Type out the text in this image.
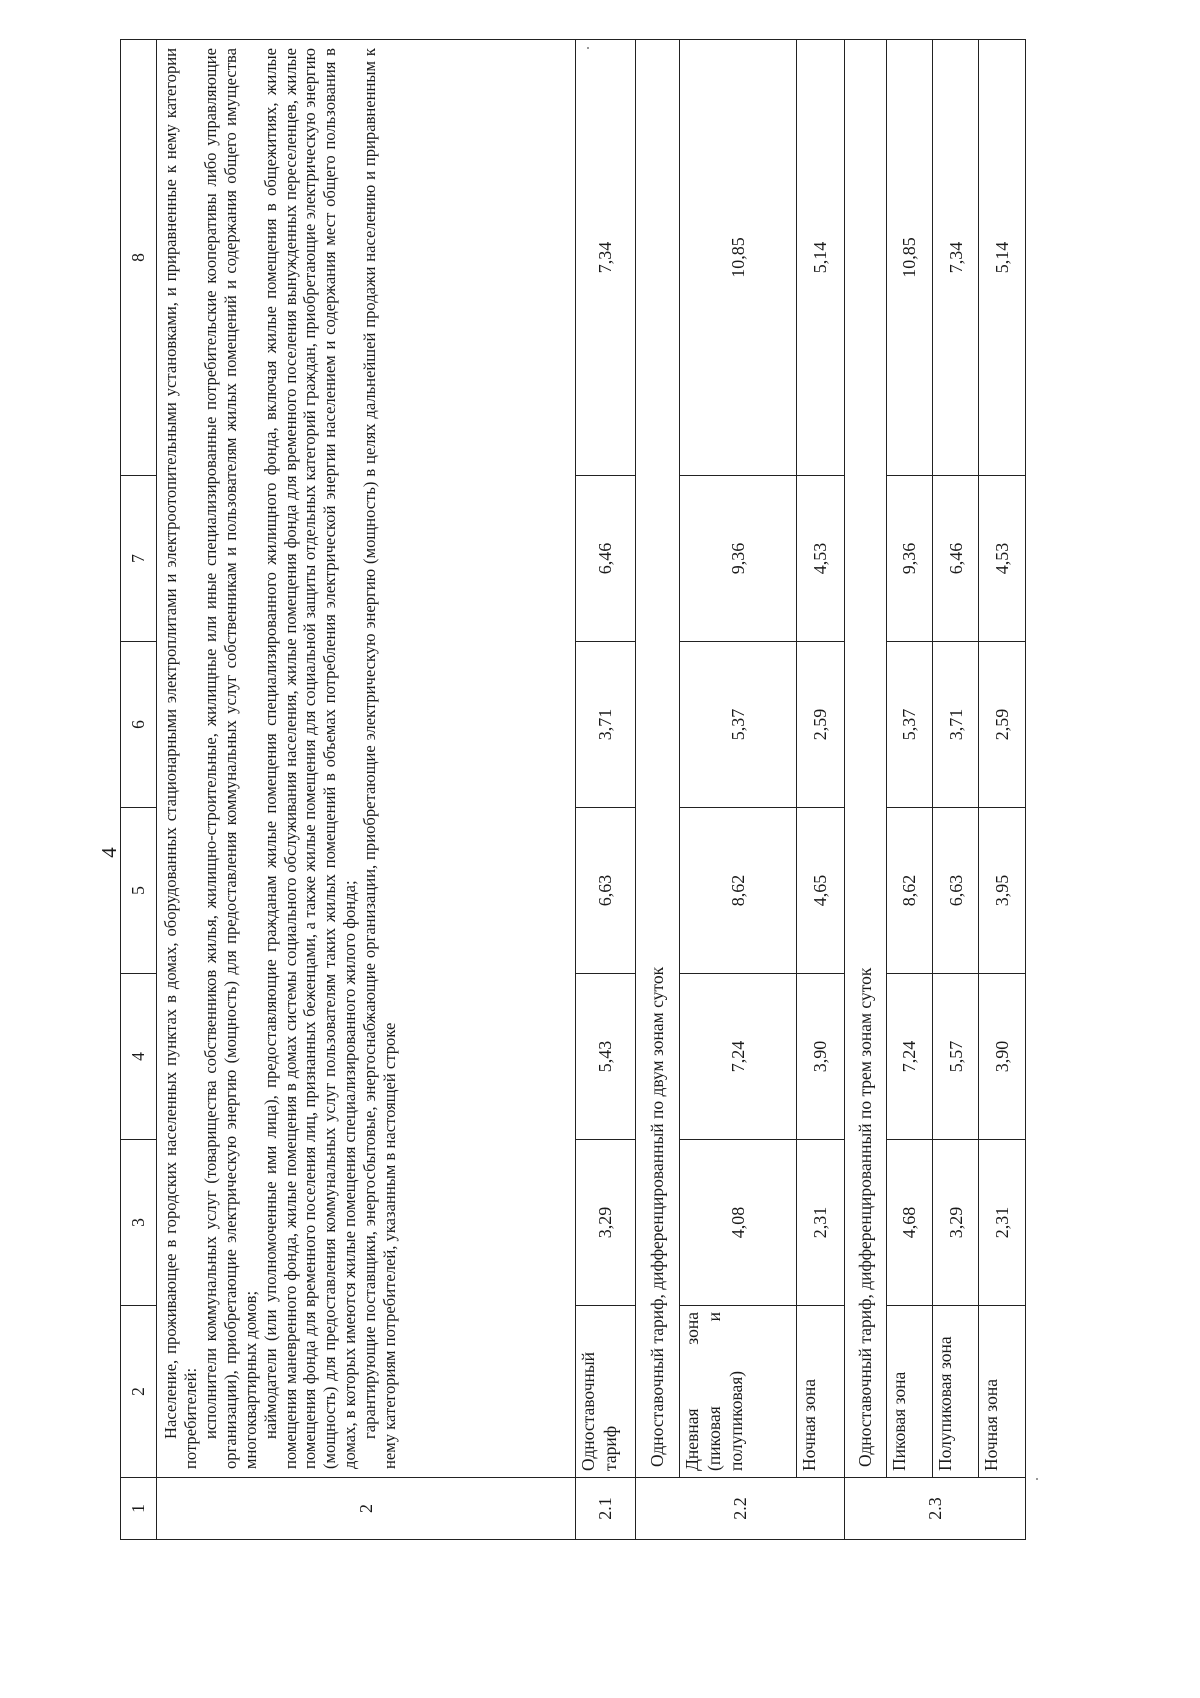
4
1	2	3	4	5	6	7	8
2	Население, проживающее в городских населенных пунктах в домах, оборудованных стационарными электроплитами и электроотопительными установками, и приравненные к нему категории потребителей: исполнители коммунальных услуг (товарищества собственников жилья, жилищно-строительные, жилищные или иные специализированные потребительские кооперативы либо управляющие организации), приобретающие электрическую энергию (мощность) для предоставления коммунальных услуг собственникам и пользователям жилых помещений и содержания общего имущества многоквартирных домов; наймодатели (или уполномоченные ими лица), предоставляющие гражданам жилые помещения специализированного жилищного фонда, включая жилые помещения в общежитиях, жилые помещения маневренного фонда, жилые помещения в домах системы социального обслуживания населения, жилые помещения фонда для временного поселения вынужденных переселенцев, жилые помещения фонда для временного поселения лиц, признанных беженцами, а также жилые помещения для социальной защиты отдельных категорий граждан, приобретающие электрическую энергию (мощность) для предоставления коммунальных услуг пользователям таких жилых помещений в объемах потребления электрической энергии населением и содержания мест общего пользования в домах, в которых имеются жилые помещения специализированного жилого фонда; гарантирующие поставщики, энергосбытовые, энергоснабжающие организации, приобретающие электрическую энергию (мощность) в целях дальнейшей продажи населению и приравненным к нему категориям потребителей, указанным в настоящей строке						

2.1	Одноставочный тариф	3,29	5,43	6,63	3,71	6,46	7,34
2.2	Одноставочный тариф, дифференцированный по двум зонам суток						
	Дневная зона (пиковая и полупиковая)	4,08	7,24	8,62	5,37	9,36	10,85
	Ночная зона	2,31	3,90	4,65	2,59	4,53	5,14
2.3	Одноставочный тариф, дифференцированный по трем зонам суток						
	Пиковая зона	4,68	7,24	8,62	5,37	9,36	10,85
	Полупиковая зона	3,29	5,57	6,63	3,71	6,46	7,34
	Ночная зона	2,31	3,90	3,95	2,59	4,53	5,14
